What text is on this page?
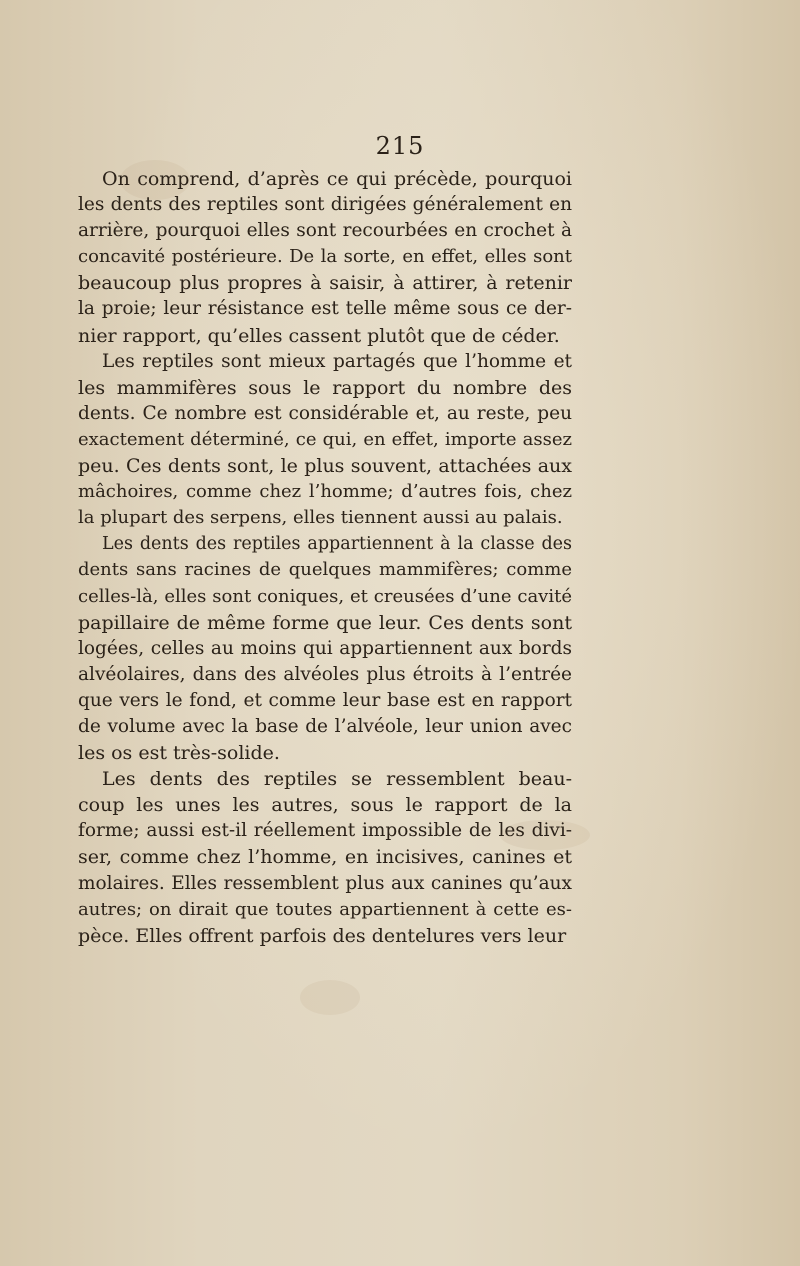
215
On comprend, d’après ce qui précède, pourquoi
les dents des reptiles sont dirigées généralement en
arrière, pourquoi elles sont recourbées en crochet à
concavité postérieure. De la sorte, en effet, elles sont
beaucoup plus propres à saisir, à attirer, à retenir
la proie; leur résistance est telle même sous ce der-
nier rapport, qu’elles cassent plutôt que de céder.
Les reptiles sont mieux partagés que l’homme et
les mammifères sous le rapport du nombre des
dents. Ce nombre est considérable et, au reste, peu
exactement déterminé, ce qui, en effet, importe assez
peu. Ces dents sont, le plus souvent, attachées aux
mâchoires, comme chez l’homme; d’autres fois, chez
la plupart des serpens, elles tiennent aussi au palais.
Les dents des reptiles appartiennent à la classe des
dents sans racines de quelques mammifères; comme
celles-là, elles sont coniques, et creusées d’une cavité
papillaire de même forme que leur. Ces dents sont
logées, celles au moins qui appartiennent aux bords
alvéolaires, dans des alvéoles plus étroits à l’entrée
que vers le fond, et comme leur base est en rapport
de volume avec la base de l’alvéole, leur union avec
les os est très-solide.
Les dents des reptiles se ressemblent beau-
coup les unes les autres, sous le rapport de la
forme; aussi est-il réellement impossible de les divi-
ser, comme chez l’homme, en incisives, canines et
molaires. Elles ressemblent plus aux canines qu’aux
autres; on dirait que toutes appartiennent à cette es-
pèce. Elles offrent parfois des dentelures vers leur
